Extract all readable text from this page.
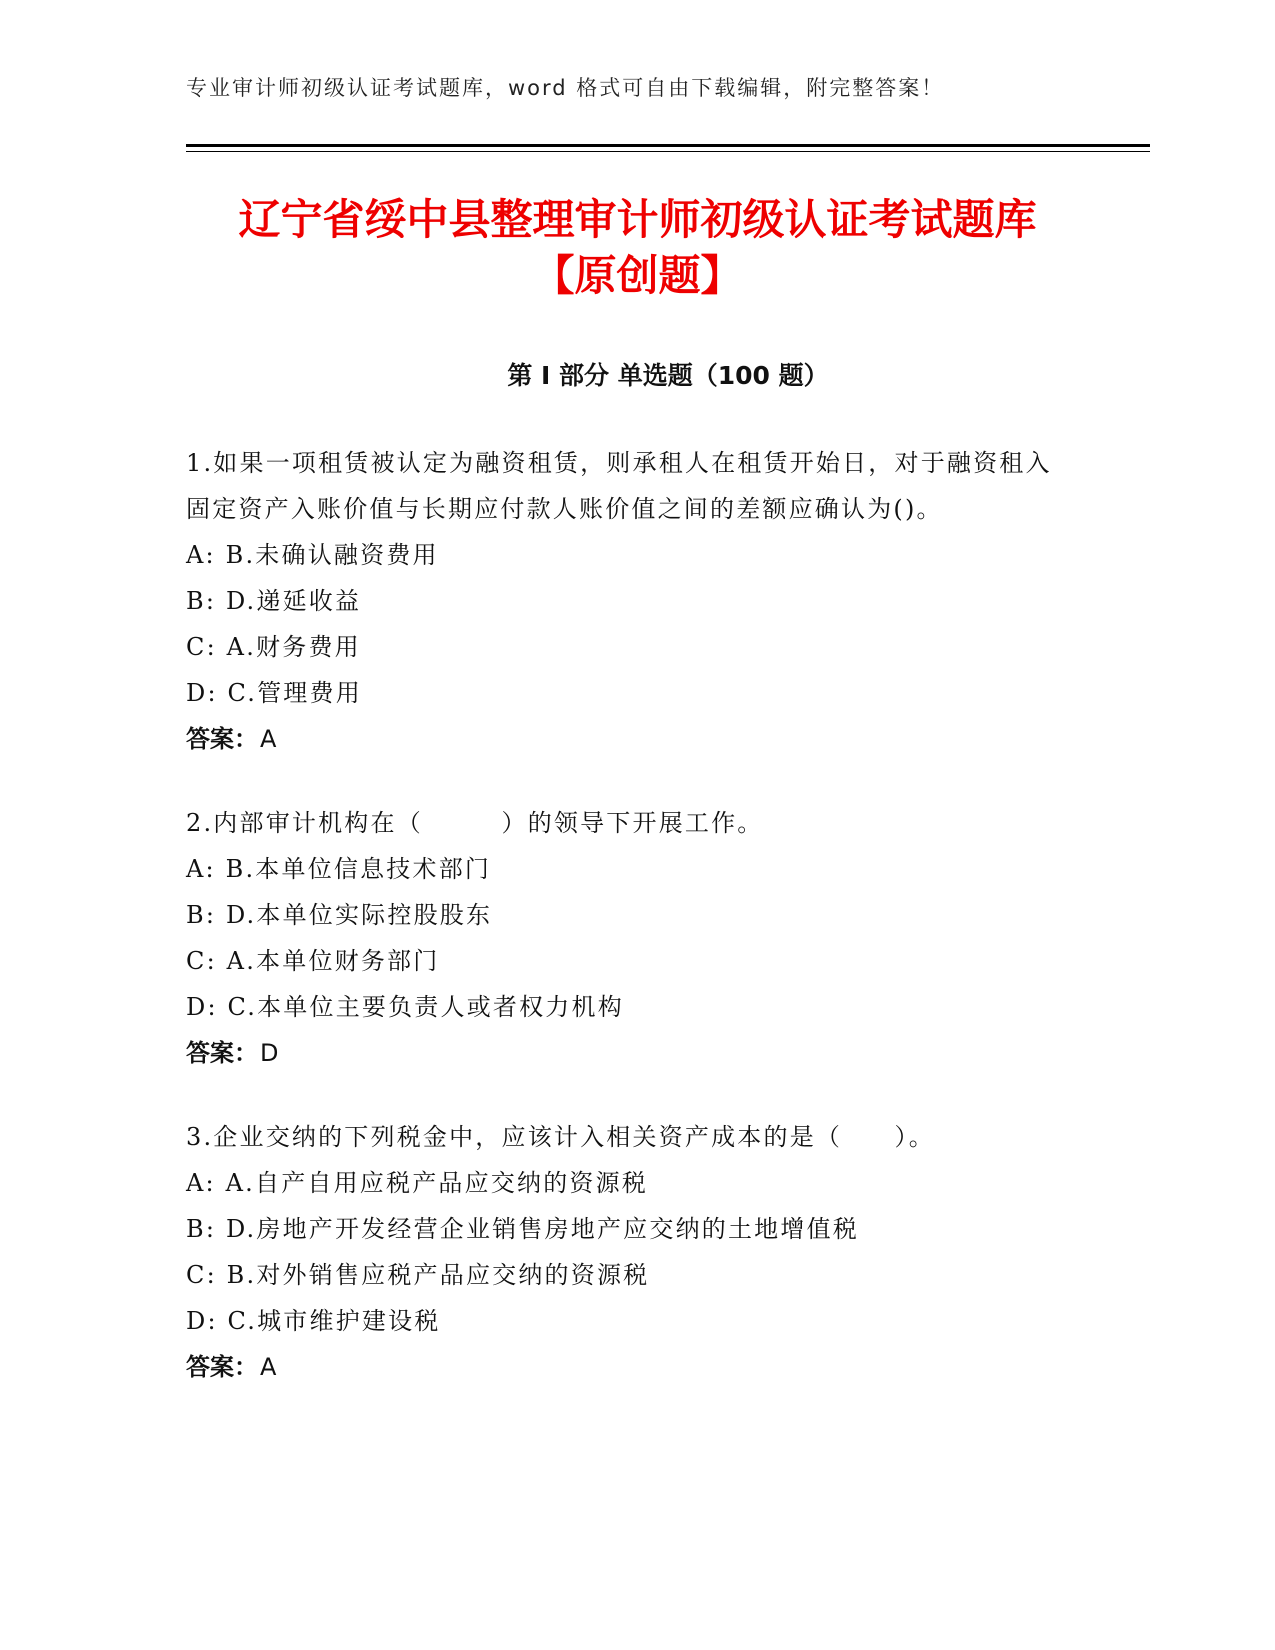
专业审计师初级认证考试题库，word 格式可自由下载编辑，附完整答案！
辽宁省绥中县整理审计师初级认证考试题库
【原创题】
第 I 部分 单选题（100 题）
1.如果一项租赁被认定为融资租赁，则承租人在租赁开始日，对于融资租入固定资产入账价值与长期应付款人账价值之间的差额应确认为()。
A: B.未确认融资费用
B: D.递延收益
C: A.财务费用
D: C.管理费用
答案：A
2.内部审计机构在（　　　）的领导下开展工作。
A: B.本单位信息技术部门
B: D.本单位实际控股股东
C: A.本单位财务部门
D: C.本单位主要负责人或者权力机构
答案：D
3.企业交纳的下列税金中，应该计入相关资产成本的是（　　）。
A: A.自产自用应税产品应交纳的资源税
B: D.房地产开发经营企业销售房地产应交纳的土地增值税
C: B.对外销售应税产品应交纳的资源税
D: C.城市维护建设税
答案：A
